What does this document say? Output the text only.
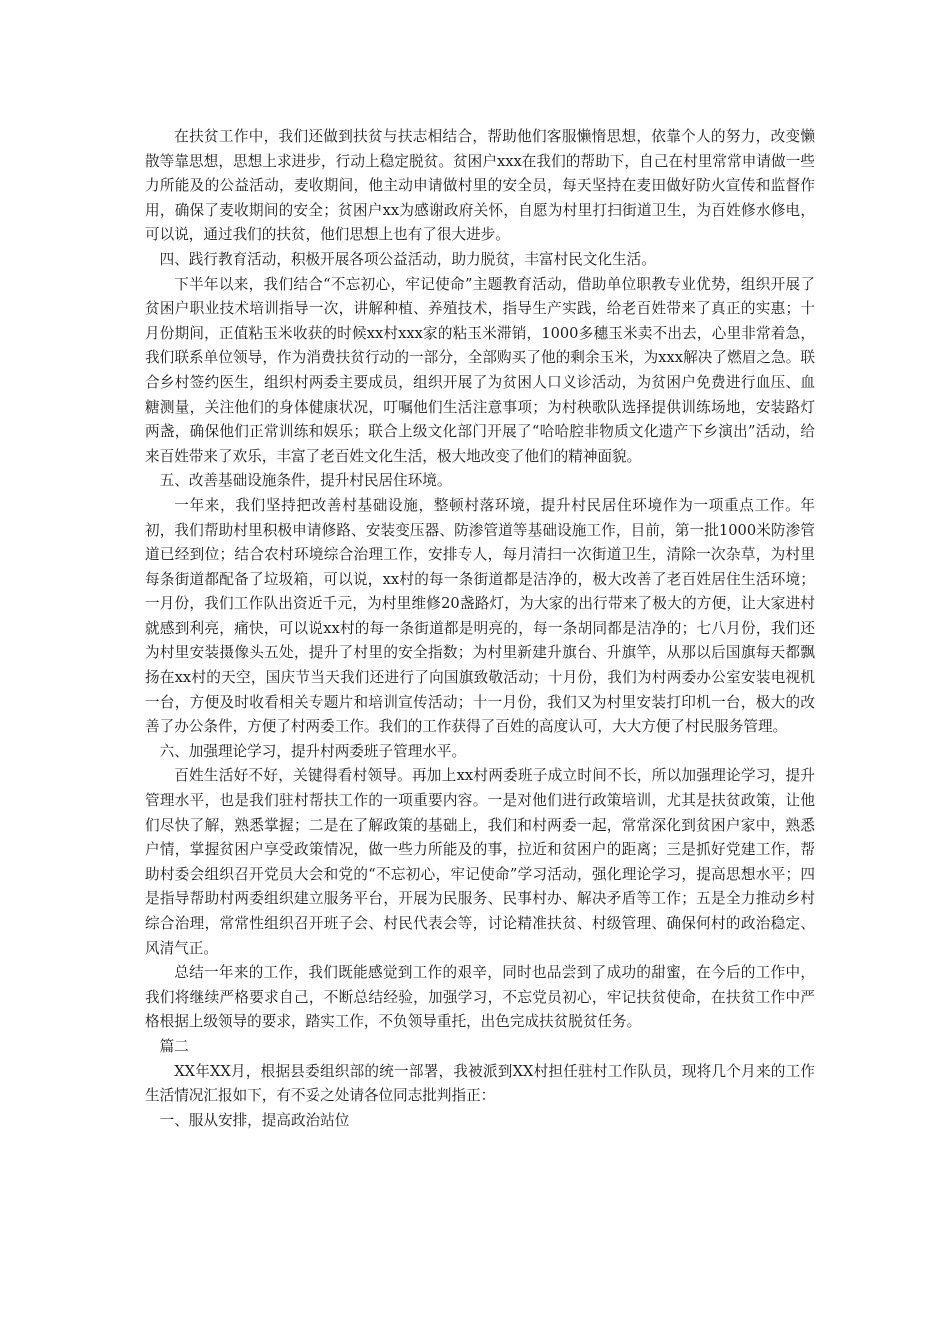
在扶贫工作中，我们还做到扶贫与扶志相结合，帮助他们客服懒惰思想，依靠个人的努力，改变懒散等靠思想，思想上求进步，行动上稳定脱贫。贫困户xxx在我们的帮助下，自己在村里常常申请做一些力所能及的公益活动，麦收期间，他主动申请做村里的安全员，每天坚持在麦田做好防火宣传和监督作用，确保了麦收期间的安全；贫困户xx为感谢政府关怀，自愿为村里打扫街道卫生，为百姓修水修电，可以说，通过我们的扶贫，他们思想上也有了很大进步。

四、践行教育活动，积极开展各项公益活动，助力脱贫，丰富村民文化生活。

下半年以来，我们结合“不忘初心，牢记使命”主题教育活动，借助单位职教专业优势，组织开展了贫困户职业技术培训指导一次，讲解种植、养殖技术，指导生产实践，给老百姓带来了真正的实惠；十月份期间，正值粘玉米收获的时候xx村xxx家的粘玉米滞销，1000多穗玉米卖不出去，心里非常着急，我们联系单位领导，作为消费扶贫行动的一部分，全部购买了他的剩余玉米，为xxx解决了燃眉之急。联合乡村签约医生，组织村两委主要成员，组织开展了为贫困人口义诊活动，为贫困户免费进行血压、血糖测量，关注他们的身体健康状况，叮嘱他们生活注意事项；为村秧歌队选择提供训练场地，安装路灯两盏，确保他们正常训练和娱乐；联合上级文化部门开展了“哈哈腔非物质文化遗产下乡演出”活动，给来百姓带来了欢乐，丰富了老百姓文化生活，极大地改变了他们的精神面貌。

五、改善基础设施条件，提升村民居住环境。

一年来，我们坚持把改善村基础设施，整顿村落环境，提升村民居住环境作为一项重点工作。年初，我们帮助村里积极申请修路、安装变压器、防渗管道等基础设施工作，目前，第一批1000米防渗管道已经到位；结合农村环境综合治理工作，安排专人，每月清扫一次街道卫生，清除一次杂草，为村里每条街道都配备了垃圾箱，可以说，xx村的每一条街道都是洁净的，极大改善了老百姓居住生活环境；一月份，我们工作队出资近千元，为村里维修20盏路灯，为大家的出行带来了极大的方便，让大家进村就感到利亮，痛快，可以说xx村的每一条街道都是明亮的，每一条胡同都是洁净的；七八月份，我们还为村里安装摄像头五处，提升了村里的安全指数；为村里新建升旗台、升旗竿，从那以后国旗每天都飘扬在xx村的天空，国庆节当天我们还进行了向国旗致敬活动；十月份，我们为村两委办公室安装电视机一台，方便及时收看相关专题片和培训宣传活动；十一月份，我们又为村里安装打印机一台，极大的改善了办公条件，方便了村两委工作。我们的工作获得了百姓的高度认可，大大方便了村民服务管理。

六、加强理论学习，提升村两委班子管理水平。

百姓生活好不好，关键得看村领导。再加上xx村两委班子成立时间不长，所以加强理论学习，提升管理水平，也是我们驻村帮扶工作的一项重要内容。一是对他们进行政策培训，尤其是扶贫政策，让他们尽快了解，熟悉掌握；二是在了解政策的基础上，我们和村两委一起，常常深化到贫困户家中，熟悉户情，掌握贫困户享受政策情况，做一些力所能及的事，拉近和贫困户的距离；三是抓好党建工作，帮助村委会组织召开党员大会和党的“不忘初心，牢记使命”学习活动，强化理论学习，提高思想水平；四是指导帮助村两委组织建立服务平台，开展为民服务、民事村办、解决矛盾等工作；五是全力推动乡村综合治理，常常性组织召开班子会、村民代表会等，讨论精准扶贫、村级管理、确保何村的政治稳定、风清气正。

总结一年来的工作，我们既能感觉到工作的艰辛，同时也品尝到了成功的甜蜜，在今后的工作中，我们将继续严格要求自己，不断总结经验，加强学习，不忘党员初心，牢记扶贫使命，在扶贫工作中严格根据上级领导的要求，踏实工作，不负领导重托，出色完成扶贫脱贫任务。

篇二

XX年XX月，根据县委组织部的统一部署，我被派到XX村担任驻村工作队员，现将几个月来的工作生活情况汇报如下，有不妥之处请各位同志批判指正：

一、服从安排，提高政治站位
